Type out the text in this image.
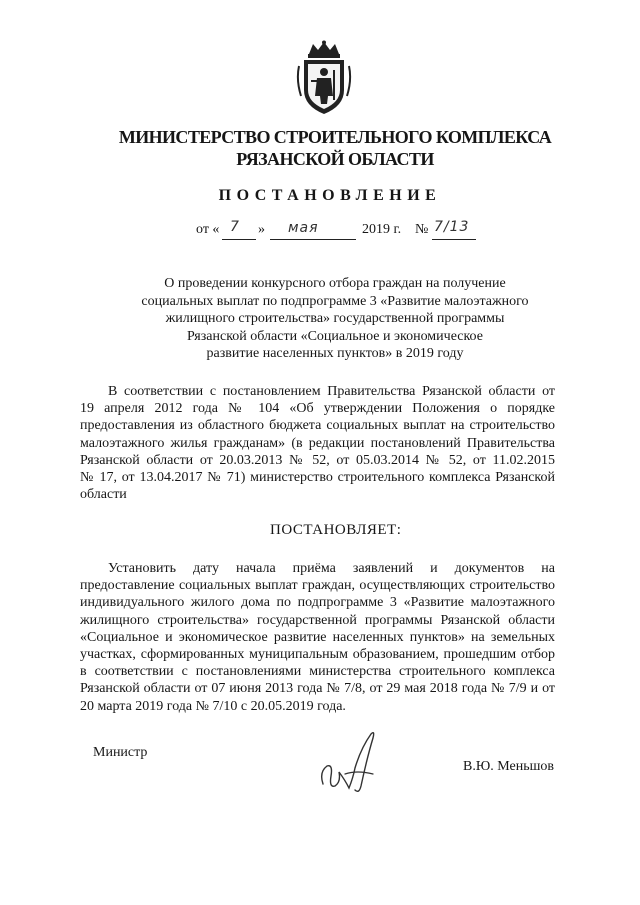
МИНИСТЕРСТВО СТРОИТЕЛЬНОГО КОМПЛЕКСА
РЯЗАНСКОЙ ОБЛАСТИ
ПОСТАНОВЛЕНИЕ
от « 7 » мая	2019 г. № 7/13
О проведении конкурсного отбора граждан на получение
социальных выплат по подпрограмме 3 «Развитие малоэтажного
жилищного строительства» государственной программы
Рязанской области «Социальное и экономическое
развитие населенных пунктов» в 2019 году
В соответствии с постановлением Правительства Рязанской области от
19 апреля 2012 года № 104 «Об утверждении Положения о порядке
предоставления из областного бюджета социальных выплат на строительство
малоэтажного жилья гражданам» (в редакции постановлений Правительства
Рязанской области от 20.03.2013 № 52, от 05.03.2014 № 52, от 11.02.2015
№ 17, от 13.04.2017 № 71) министерство строительного комплекса Рязанской
области
ПОСТАНОВЛЯЕТ:
Установить дату начала приёма заявлений и документов на
предоставление социальных выплат граждан, осуществляющих строительство
индивидуального жилого дома по подпрограмме 3 «Развитие малоэтажного
жилищного строительства» государственной программы Рязанской области
«Социальное и экономическое развитие населенных пунктов» на земельных
участках, сформированных муниципальным образованием, прошедшим отбор
в соответствии с постановлениями министерства строительного комплекса
Рязанской области от 07 июня 2013 года № 7/8, от 29 мая 2018 года № 7/9 и от
20 марта 2019 года № 7/10 с 20.05.2019 года.
Министр
В.Ю. Меньшов
